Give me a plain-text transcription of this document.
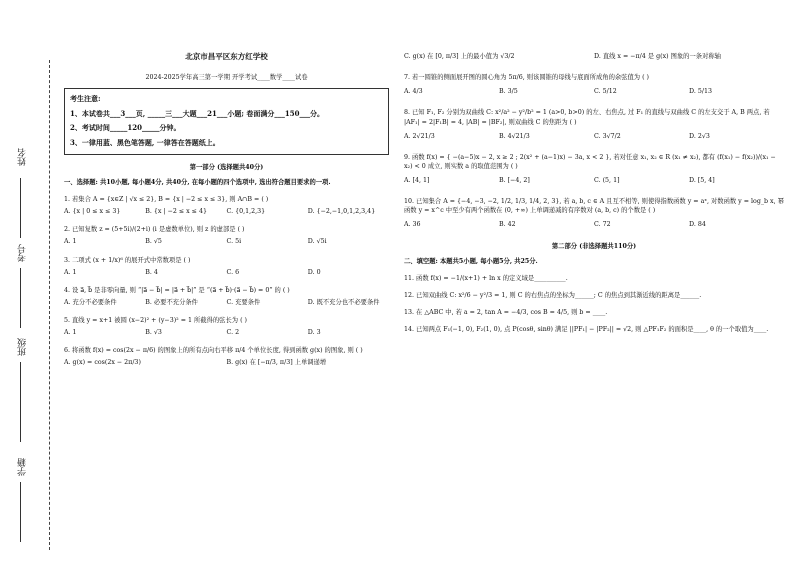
姓名
考号
班级
学籍
北京市昌平区东方红学校
2024-2025学年高三第一学期 开学考试____数学____试卷
考生注意:
1、本试卷共___3___页, _____三___大题___21___小题; 卷面满分___150___分。
2、考试时间_____120_____分钟。
3、一律用蓝、黑色笔答题, 一律答在答题纸上。
第一部分 (选择题共40分)
一、选择题: 共10小题, 每小题4分, 共40分, 在每小题的四个选项中, 选出符合题目要求的一项.
1. 若集合 A = {x∈Z | √x ≤ 2}, B = {x | −2 ≤ x ≤ 3}, 则 A∩B = ( )
A. {x | 0 ≤ x ≤ 3}	B. {x | −2 ≤ x ≤ 4}	C. {0,1,2,3}	D. {−2,−1,0,1,2,3,4}
2. 已知复数 z = (5+5i)/(2+i) (i 是虚数单位), 则 z 的虚部是 ( )
A. 1	B. √5	C. 5i	D. √5i
3. 二项式 (x + 1/x)⁶ 的展开式中常数项是 ( )
A. 1	B. 4	C. 6	D. 0
4. 设 a⃗, b⃗ 是非零向量, 则 “|a⃗ − b⃗| = |a⃗ + b⃗|” 是 “(a⃗ + b⃗)·(a⃗ − b⃗) = 0” 的 ( )
A. 充分不必要条件	B. 必要不充分条件	C. 充要条件	D. 既不充分也不必要条件
5. 直线 y = x+1 被圆 (x−2)² + (y−3)² = 1 所截得的弦长为 ( )
A. 1	B. √3	C. 2	D. 3
6. 将函数 f(x) = cos(2x − π/6) 的图象上的所有点向右平移 π/4 个单位长度, 得到函数 g(x) 的图象, 则 ( )
A. g(x) = cos(2x − 2π/3)	B. g(x) 在 [−π/3, π/3] 上单调递增
C. g(x) 在 [0, π/3] 上的最小值为 √3/2	D. 直线 x = −π/4 是 g(x) 图象的一条对称轴
7. 若一圆锥的侧面展开图的圆心角为 5π/6, 则该圆锥的母线与底面所成角的余弦值为 ( )
A. 4/3	B. 3/5	C. 5/12	D. 5/13
8. 已知 F₁, F₂ 分别为双曲线 C: x²/a² − y²/b² = 1 (a>0, b>0) 的左、右焦点, 过 F₁ 的直线与双曲线 C 的左支交于 A, B 两点, 若 |AF₁| = 2|F₁B| = 4, |AB| = |BF₂|, 则双曲线 C 的焦距为 ( )
A. 2√21/3	B. 4√21/3	C. 3√7/2	D. 2√3
9. 函数 f(x) = { −(a−5)x − 2, x ≥ 2 ; 2(x² + (a−1)x) − 3a, x < 2 }, 若对任意 x₁, x₂ ∈ R (x₁ ≠ x₂), 都有 (f(x₁) − f(x₂))/(x₁ − x₂) < 0 成立, 则实数 a 的取值范围为 ( )
A. [4, 1]	B. [−4, 2]	C. (5, 1]	D. [5, 4]
10. 已知集合 A = {−4, −3, −2, 1/2, 1/3, 1/4, 2, 3}, 若 a, b, c ∈ A 且互不相等, 则使得指数函数 y = aˣ, 对数函数 y = log_b x, 幂函数 y = x^c 中至少有两个函数在 (0, +∞) 上单调递减的有序数对 (a, b, c) 的个数是 ( )
A. 36	B. 42	C. 72	D. 84
第二部分 (非选择题共110分)
二、填空题: 本题共5小题, 每小题5分, 共25分.
11. 函数 f(x) = −1/(x+1) + ln x 的定义域是__________.
12. 已知双曲线 C: x²/6 − y²/3 = 1, 则 C 的右焦点的坐标为______; C 的焦点到其渐近线的距离是______.
13. 在 △ABC 中, 若 a = 2, tan A = −4/3, cos B = 4/5, 则 b = ____.
14. 已知两点 F₁(−1, 0), F₂(1, 0), 点 P(cosθ, sinθ) 满足 ||PF₁| − |PF₂|| = √2, 则 △PF₁F₂ 的面积是____, θ 的一个取值为____.
